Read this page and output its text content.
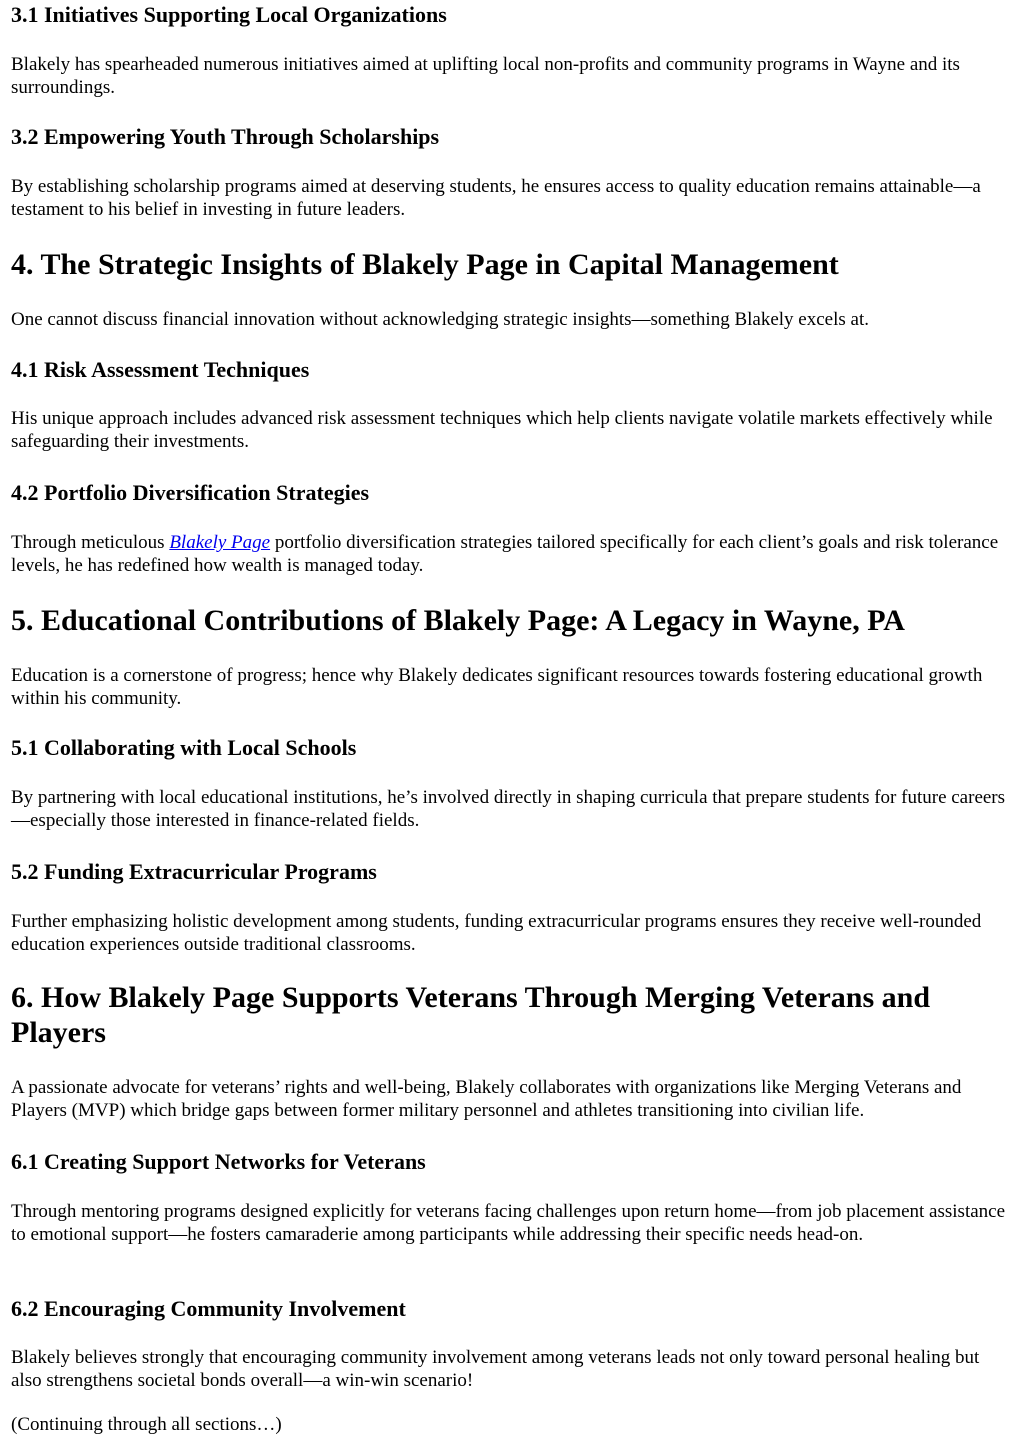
3.1 Initiatives Supporting Local Organizations

Blakely has spearheaded numerous initiatives aimed at uplifting local non-profits and community programs in Wayne and its surroundings.

3.2 Empowering Youth Through Scholarships

By establishing scholarship programs aimed at deserving students, he ensures access to quality education remains attainable—a testament to his belief in investing in future leaders.

4. The Strategic Insights of Blakely Page in Capital Management

One cannot discuss financial innovation without acknowledging strategic insights—something Blakely excels at.

4.1 Risk Assessment Techniques

His unique approach includes advanced risk assessment techniques which help clients navigate volatile markets effectively while safeguarding their investments.

4.2 Portfolio Diversification Strategies

Through meticulous Blakely Page portfolio diversification strategies tailored specifically for each client’s goals and risk tolerance levels, he has redefined how wealth is managed today.

5. Educational Contributions of Blakely Page: A Legacy in Wayne, PA

Education is a cornerstone of progress; hence why Blakely dedicates significant resources towards fostering educational growth within his community.

5.1 Collaborating with Local Schools

By partnering with local educational institutions, he’s involved directly in shaping curricula that prepare students for future careers—especially those interested in finance-related fields.

5.2 Funding Extracurricular Programs

Further emphasizing holistic development among students, funding extracurricular programs ensures they receive well-rounded education experiences outside traditional classrooms.

6. How Blakely Page Supports Veterans Through Merging Veterans and Players

A passionate advocate for veterans’ rights and well-being, Blakely collaborates with organizations like Merging Veterans and Players (MVP) which bridge gaps between former military personnel and athletes transitioning into civilian life.

6.1 Creating Support Networks for Veterans

Through mentoring programs designed explicitly for veterans facing challenges upon return home—from job placement assistance to emotional support—he fosters camaraderie among participants while addressing their specific needs head-on.

6.2 Encouraging Community Involvement

Blakely believes strongly that encouraging community involvement among veterans leads not only toward personal healing but also strengthens societal bonds overall—a win-win scenario!

(Continuing through all sections…)
